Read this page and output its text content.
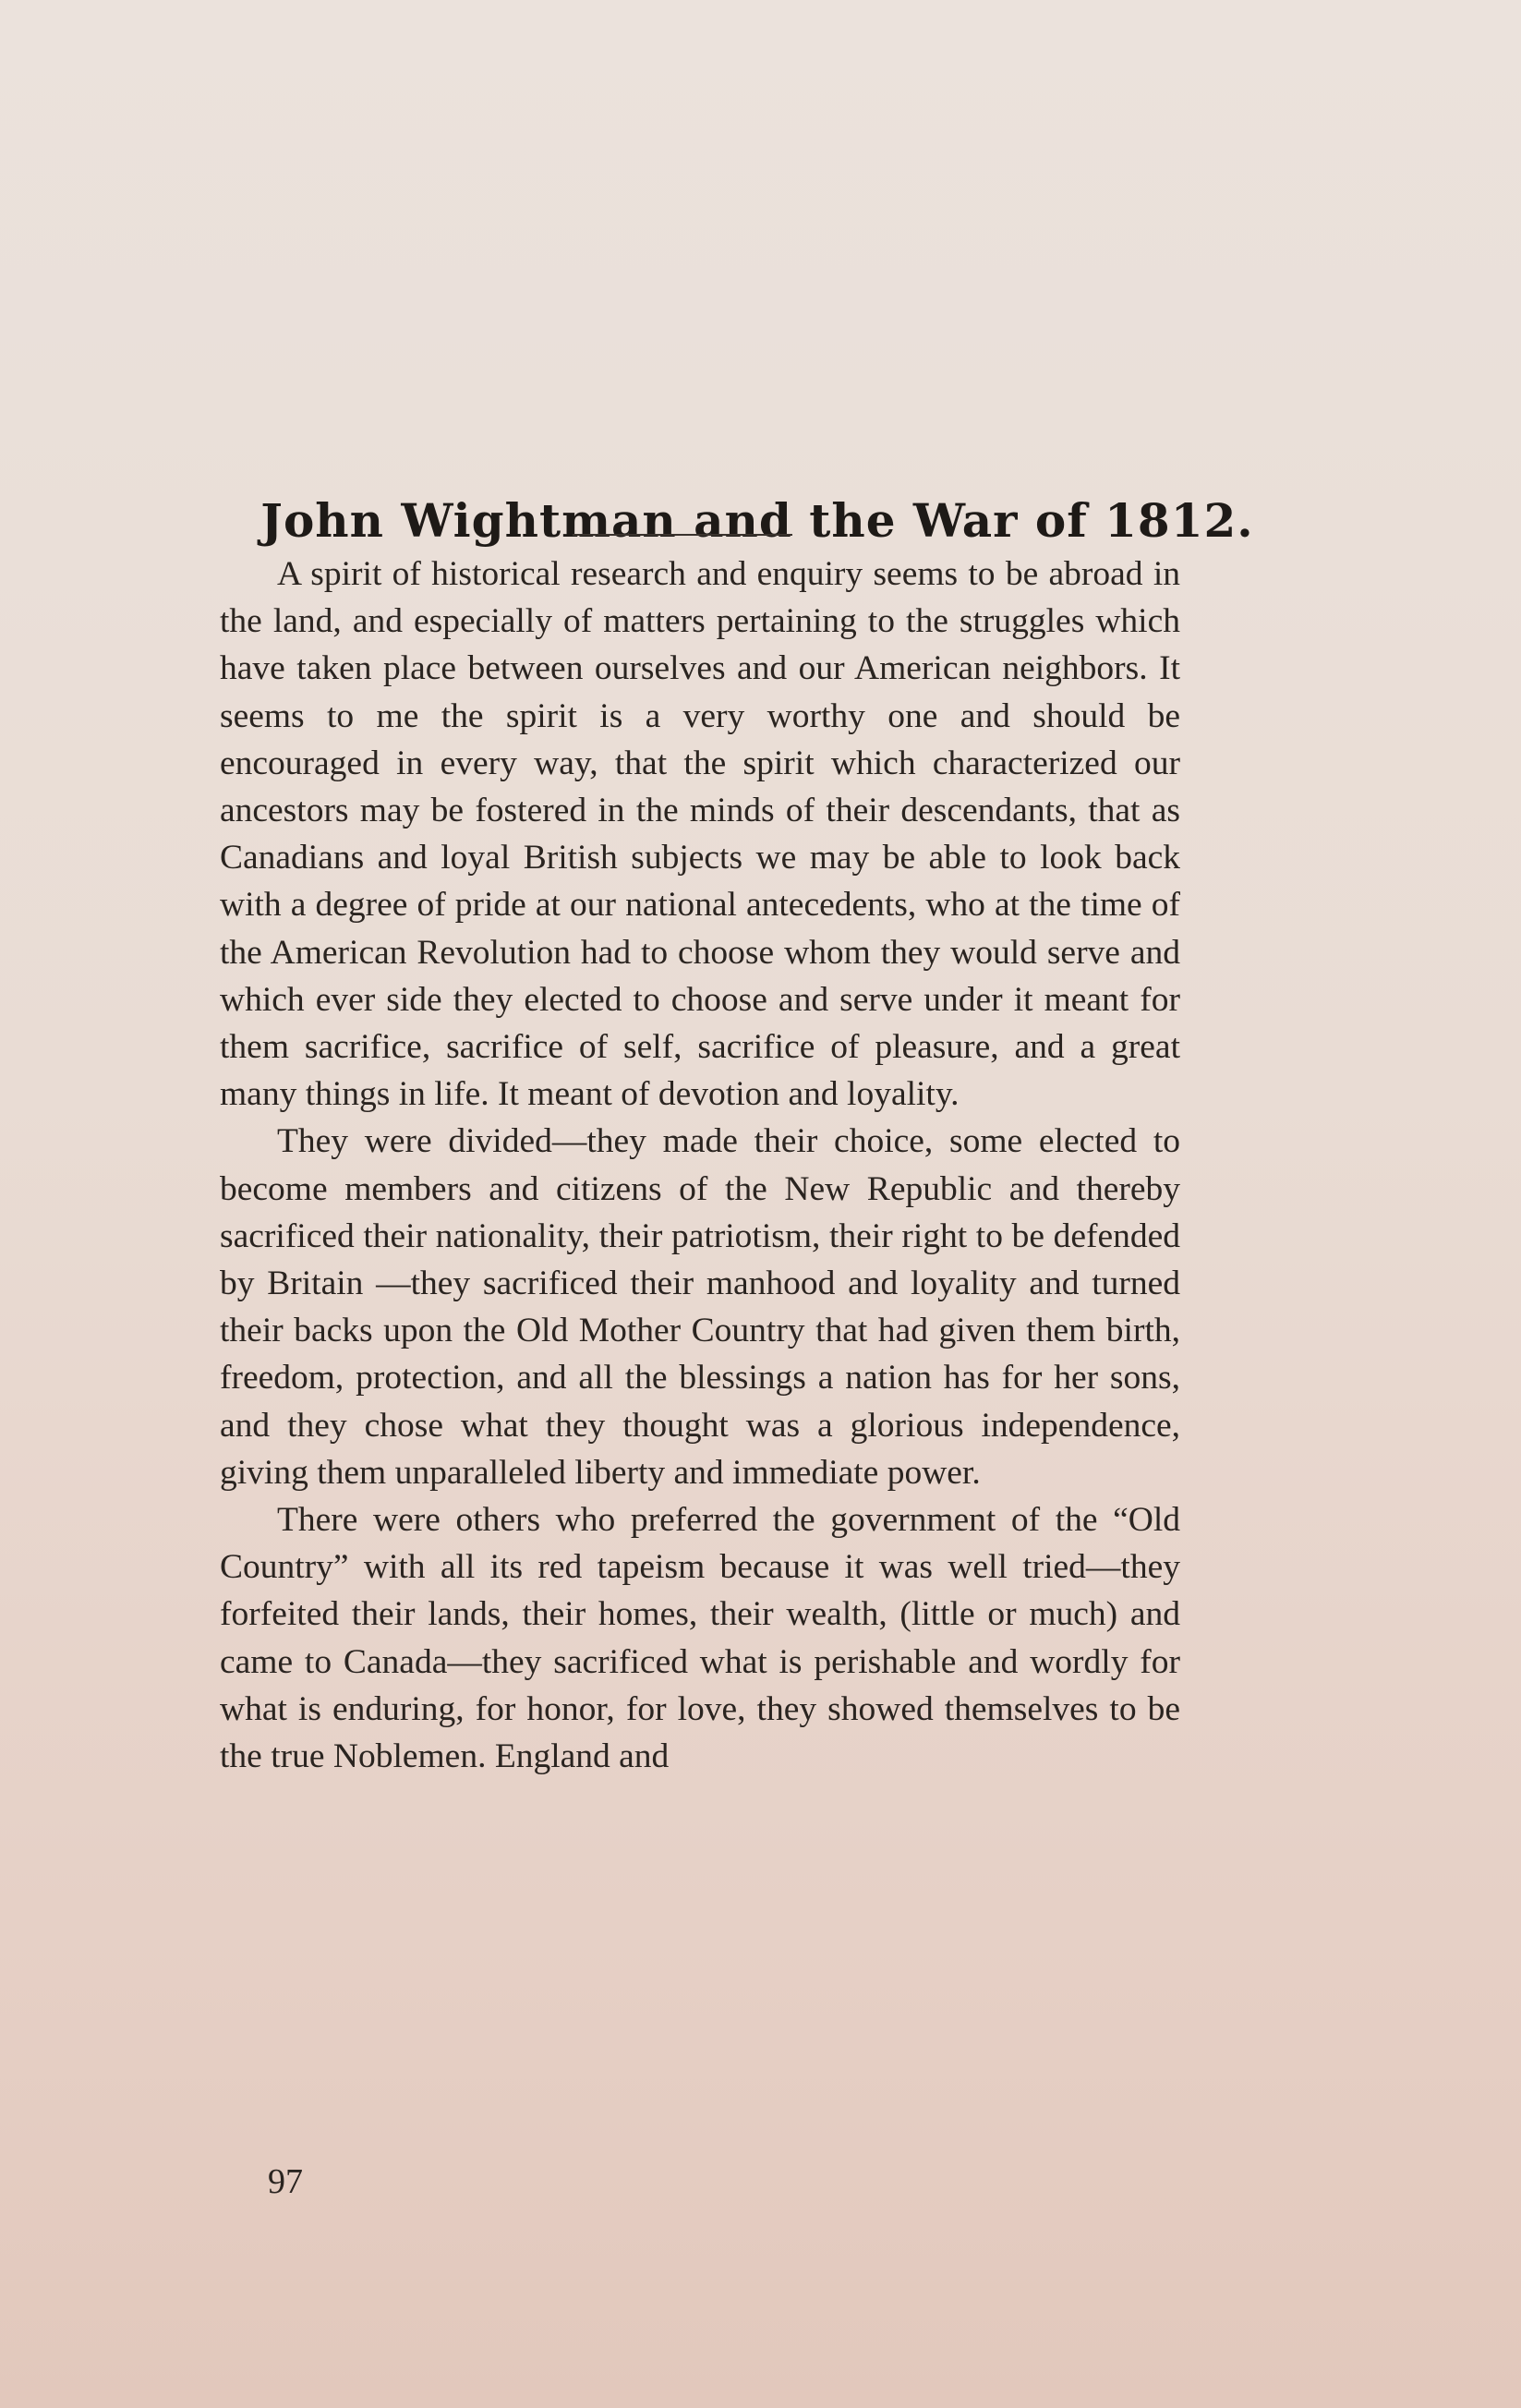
John Wightman and the War of 1812.

A spirit of historical research and enquiry seems to be abroad in the land, and especially of matters pertaining to the struggles which have taken place between ourselves and our American neighbors. It seems to me the spirit is a very worthy one and should be encouraged in every way, that the spirit which characterized our ancestors may be fostered in the minds of their descendants, that as Canadians and loyal British subjects we may be able to look back with a degree of pride at our national antecedents, who at the time of the American Revolution had to choose whom they would serve and which ever side they elected to choose and serve under it meant for them sacrifice, sacrifice of self, sacrifice of pleasure, and a great many things in life. It meant of devotion and loyality.

They were divided—they made their choice, some elected to become members and citizens of the New Republic and thereby sacrificed their nationality, their patriotism, their right to be defended by Britain —they sacrificed their manhood and loyality and turned their backs upon the Old Mother Country that had given them birth, freedom, protection, and all the blessings a nation has for her sons, and they chose what they thought was a glorious independence, giving them unparalleled liberty and immediate power.

There were others who preferred the government of the “Old Country” with all its red tapeism because it was well tried—they forfeited their lands, their homes, their wealth, (little or much) and came to Canada—they sacrificed what is perishable and wordly for what is enduring, for honor, for love, they showed themselves to be the true Noblemen. England and

97
